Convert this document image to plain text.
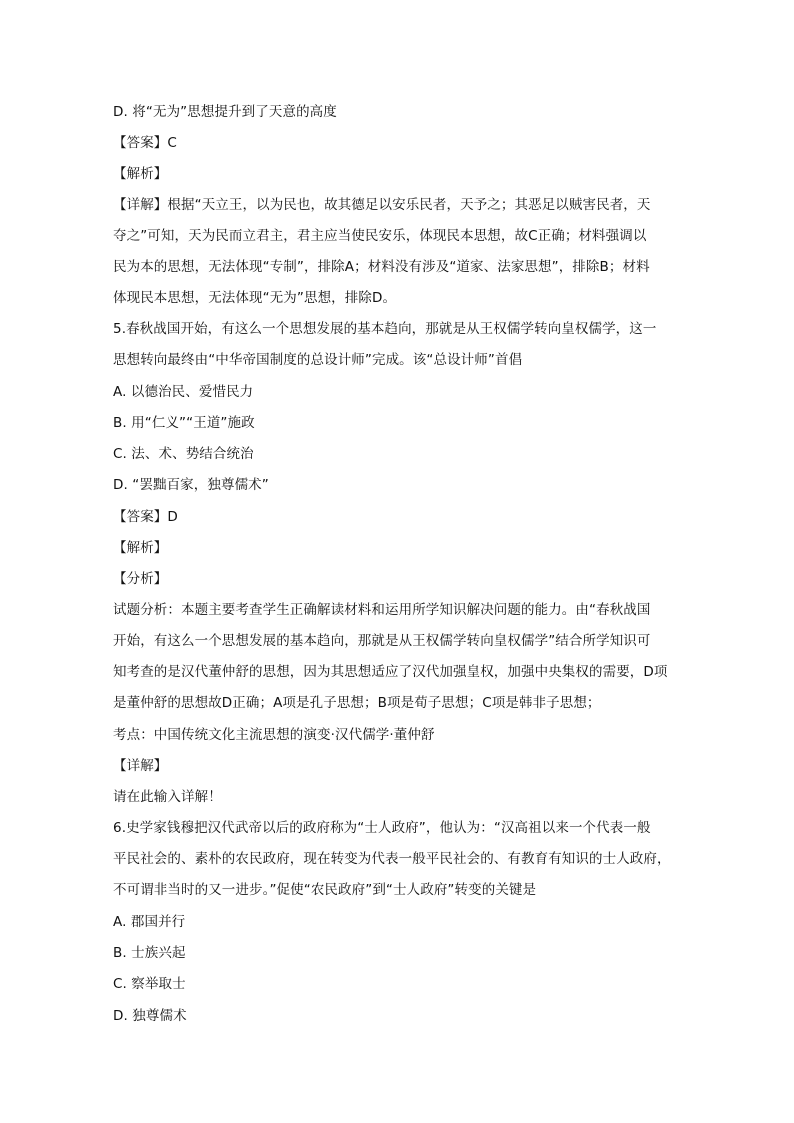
D. 将“无为”思想提升到了天意的高度
【答案】C
【解析】
【详解】根据“天立王，以为民也，故其德足以安乐民者，天予之；其恶足以贼害民者，天
夺之”可知，天为民而立君主，君主应当使民安乐，体现民本思想，故C正确；材料强调以
民为本的思想，无法体现“专制”，排除A；材料没有涉及“道家、法家思想”，排除B；材料
体现民本思想，无法体现“无为”思想，排除D。
5.春秋战国开始，有这么一个思想发展的基本趋向，那就是从王权儒学转向皇权儒学，这一
思想转向最终由“中华帝国制度的总设计师”完成。该“总设计师”首倡
A. 以德治民、爱惜民力
B. 用“仁义”“王道”施政
C. 法、术、势结合统治
D. “罢黜百家，独尊儒术”
【答案】D
【解析】
【分析】
试题分析：本题主要考查学生正确解读材料和运用所学知识解决问题的能力。由“春秋战国
开始，有这么一个思想发展的基本趋向，那就是从王权儒学转向皇权儒学”结合所学知识可
知考查的是汉代董仲舒的思想，因为其思想适应了汉代加强皇权，加强中央集权的需要，D项
是董仲舒的思想故D正确；A项是孔子思想；B项是荀子思想；C项是韩非子思想；
考点：中国传统文化主流思想的演变·汉代儒学·董仲舒
【详解】
请在此输入详解！
6.史学家钱穆把汉代武帝以后的政府称为“士人政府”，他认为：“汉高祖以来一个代表一般
平民社会的、素朴的农民政府，现在转变为代表一般平民社会的、有教育有知识的士人政府，
不可谓非当时的又一进步。”促使“农民政府”到“士人政府”转变的关键是
A. 郡国并行
B. 士族兴起
C. 察举取士
D. 独尊儒术
